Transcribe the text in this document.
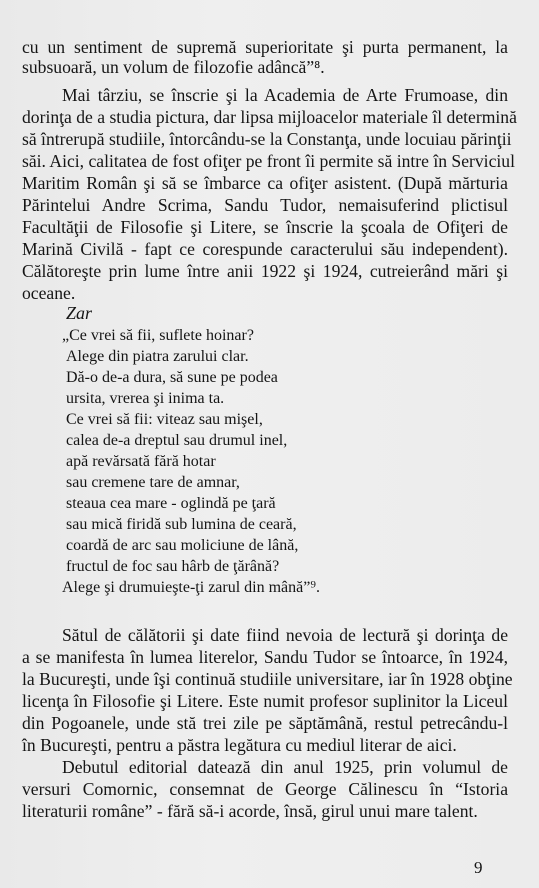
cu un sentiment de supremă superioritate şi purta permanent, la
subsuoară, un volum de filozofie adâncă”⁸.
Mai târziu, se înscrie şi la Academia de Arte Frumoase, din
dorinţa de a studia pictura, dar lipsa mijloacelor materiale îl determină
să întrerupă studiile, întorcându-se la Constanţa, unde locuiau părinţii
săi. Aici, calitatea de fost ofiţer pe front îi permite să intre în Serviciul
Maritim Român şi să se îmbarce ca ofiţer asistent. (După mărturia
Părintelui Andre Scrima, Sandu Tudor, nemaisuferind plictisul
Facultăţii de Filosofie şi Litere, se înscrie la şcoala de Ofiţeri de
Marină Civilă - fapt ce corespunde caracterului său independent).
Călătoreşte prin lume între anii 1922 şi 1924, cutreierând mări şi
oceane.
Zar
„Ce vrei să fii, suflete hoinar?
Alege din piatra zarului clar.
Dă-o de-a dura, să sune pe podea
ursita, vrerea şi inima ta.
Ce vrei să fii: viteaz sau mişel,
calea de-a dreptul sau drumul inel,
apă revărsată fără hotar
sau cremene tare de amnar,
steaua cea mare - oglindă pe ţară
sau mică firidă sub lumina de ceară,
coardă de arc sau moliciune de lână,
fructul de foc sau hârb de ţărână?
Alege şi drumuieşte-ţi zarul din mână”⁹.
Sătul de călătorii şi date fiind nevoia de lectură şi dorinţa de
a se manifesta în lumea literelor, Sandu Tudor se întoarce, în 1924,
la Bucureşti, unde îşi continuă studiile universitare, iar în 1928 obţine
licenţa în Filosofie şi Litere. Este numit profesor suplinitor la Liceul
din Pogoanele, unde stă trei zile pe săptămână, restul petrecându-l
în Bucureşti, pentru a păstra legătura cu mediul literar de aici.
Debutul editorial datează din anul 1925, prin volumul de
versuri Comornic, consemnat de George Călinescu în “Istoria
literaturii române” - fără să-i acorde, însă, girul unui mare talent.
9
